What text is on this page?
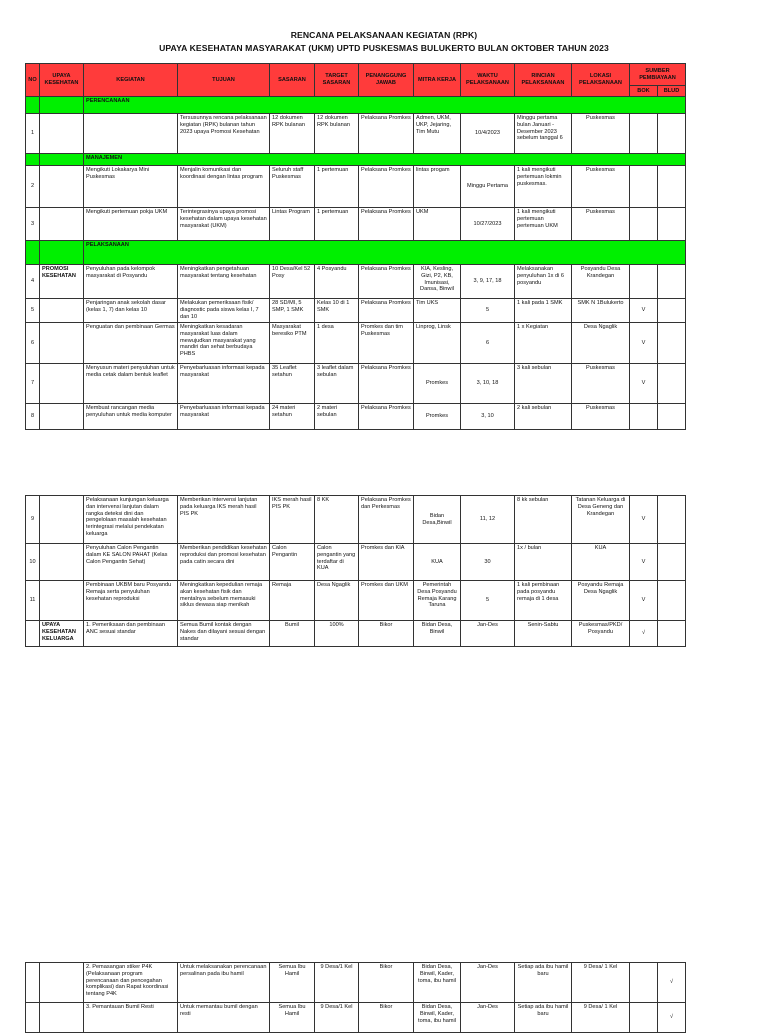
RENCANA PELAKSANAAN KEGIATAN (RPK)
UPAYA KESEHATAN MASYARAKAT (UKM) UPTD PUSKESMAS BULUKERTO BULAN OKTOBER TAHUN 2023
NO	UPAYA KESEHATAN	KEGIATAN	TUJUAN	SASARAN	TARGET SASARAN	PENANGGUNG JAWAB	MITRA KERJA	WAKTU PELAKSANAAN	RINCIAN PELAKSANAAN	LOKASI PELAKSANAAN	SUMBER PEMBIAYAAN	
											BOK	BLUD
		PERENCANAAN										
1			Tersusunnya rencana pelaksanaan kegiatan (RPK) bulanan tahun 2023 upaya Promosi Kesehatan	12 dokumen RPK bulanan	12 dokumen RPK bulanan	Pelaksana Promkes	Admen, UKM, UKP, Jejaring, Tim Mutu	10/4/2023	Minggu pertama bulan Januari - Desember 2023 sebelum tanggal 6	Puskesmas		
		MANAJEMEN										
2		Mengikuti Lokakarya Mini Puskesmas	Menjalin komunikasi dan koordinasi dengan lintas program	Seluruh staff Puskesmas	1 pertemuan	Pelaksana Promkes	lintas progam	Minggu Pertama	1 kali mengikuti pertemuan lokmin puskesmas.	Puskesmas		
3		Mengikuti pertemuan pokja UKM	Terintegrasinya upaya promosi kesehatan dalam upaya kesehatan masyarakat (UKM)	Lintas Program	1 pertemuan	Pelaksana Promkes	UKM	10/27/2023	1 kali mengikuti pertemuan pertemuan UKM	Puskesmas		
		PELAKSANAAN										
4	PROMOSI KESEHATAN	Penyuluhan pada kelompok masyarakat di Posyandu	Meningkatkan pengetahuan masyarakat tentang kesehatan	10 Desa/Kel 52 Posy	4 Posyandu	Pelaksana Promkes	KIA, Kesling, Gizi, P2, KB, Imunisasi, Dansa, Binwil	3, 9, 17, 18	Melaksanakan penyuluhan 1x di 6 posyandu	Posyandu Desa Krandegan		
5		Penjaringan anak sekolah dasar (kelas 1, 7) dan kelas 10	Melakukan pemeriksaan fisik/ diagnostic pada siswa kelas I, 7 dan 10	28 SD/MI, 5 SMP, 1 SMK	Kelas 10 di 1 SMK	Pelaksana Promkes	Tim UKS	5	1 kali pada 1 SMK	SMK N 1Bulukerto	V	
6		Penguatan dan pembinaan Germas	Meningkatkan kesadaran masyarakat luas dalam mewujudkan masyarakat yang mandiri dan sehat berbudaya PHBS	Masyarakat beresiko PTM	1 desa	Promkes dan tim Puskesmas	Linprog, Linsk	6	1 x Kegiatan	Desa Ngaglik	V	
7		Menyusun materi penyuluhan untuk media cetak dalam bentuk leaflet	Penyebarluasan informasi kepada masyarakat	35 Leaflet setahun	3 leaflet dalam sebulan	Pelaksana Promkes	Promkes	3, 10, 18	3 kali sebulan	Puskesmas	V	
8		Membuat rancangan media penyuluhan untuk media komputer	Penyebarluasan informasi kepada masyarakat	24 materi setahun	2 materi sebulan	Pelaksana Promkes	Promkes	3, 10	2 kali sebulan	Puskesmas		
9		Pelaksanaan kunjungan keluarga dan intervensi lanjutan dalam rangka deteksi dini dan pengelolaan masalah kesehatan terintegrasi melalui pendekatan keluarga	Memberikan intervensi lanjutan pada keluarga IKS merah hasil PIS PK	IKS merah hasil PIS PK	8 KK	Pelaksana Promkes dan Perkesmas	Bidan Desa,Binwil	11, 12	8 kk sebulan	Tatanan Keluarga di Desa Geneng dan Krandegan	V	
10		Penyuluhan Calon Pengantin dalam KE SALON PAHAT (Kelas Calon Pengantin Sehat)	Memberikan pendidikan kesehatan reproduksi dan promosi kesehatan pada catin secara dini	Calon Pengantin	Calon pengantin yang terdaftar di KUA	Promkes dan KIA	KUA	30	1x / bulan	KUA	V	
11		Pembinaan UKBM baru Posyandu Remaja serta penyuluhan kesehatan reproduksi	Meningkatkan kepedulian remaja akan kesehatan fisik dan mentalnya sebelum memasuki siklus dewasa siap menikah	Remaja	Desa Ngaglik	Promkes dan UKM	Pemerintah Desa Posyandu Remaja Karang Taruna	5	1 kali pembinaan pada posyandu remaja di 1 desa	Posyandu Remaja Desa Ngaglik	V	
	UPAYA KESEHATAN KELUARGA	1. Pemeriksaan dan pembinaan ANC sesuai standar	Semua Bumil kontak dengan Nakes dan dilayani sesuai dengan standar	Bumil	100%	Bikor	Bidan Desa, Binwil	Jan-Des	Senin-Sabtu	Puskesmas/PKD/ Posyandu	√	
		2. Pemasangan stiker P4K (Pelaksanaan program perencanaan dan pencegahan komplikasi) dan Rapat koordinasi tentang P4K	Untuk melaksanakan perencanaan persalinan pada ibu hamil	Semua Ibu Hamil	9 Desa/1 Kel	Bikor	Bidan Desa, Binwil, Kader, toma, ibu hamil	Jan-Des	Setiap ada ibu hamil baru	9 Desa/ 1 Kel		√
		3. Pemantauan Bumil Resti	Untuk memantau bumil dengan resti	Semua Ibu Hamil	9 Desa/1 Kel	Bikor	Bidan Desa, Binwil, Kader, toma, ibu hamil	Jan-Des	Setiap ada ibu hamil baru	9 Desa/ 1 Kel		√
